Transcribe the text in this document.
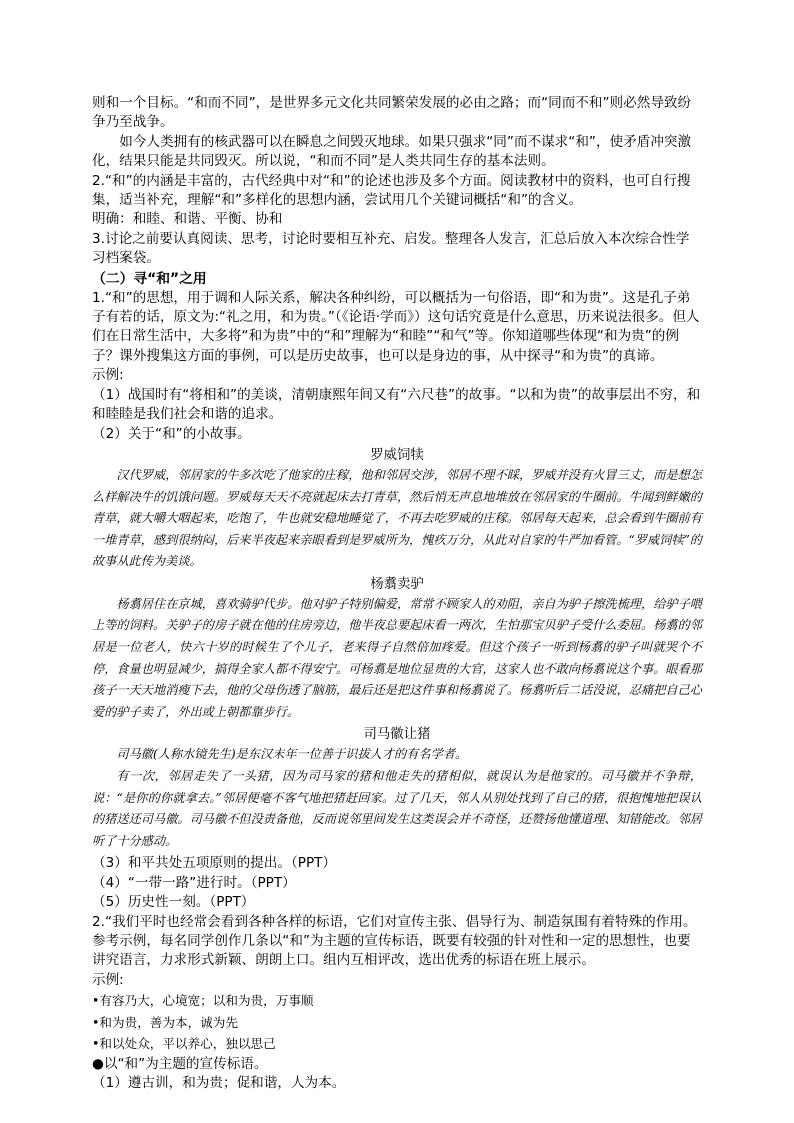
则和一个目标。“和而不同”，是世界多元文化共同繁荣发展的必由之路；而“同而不和”则必然导致纷争乃至战争。

如今人类拥有的核武器可以在瞬息之间毁灭地球。如果只强求“同”而不谋求“和”，使矛盾冲突激化，结果只能是共同毁灭。所以说，“和而不同”是人类共同生存的基本法则。

2.“和”的内涵是丰富的，古代经典中对“和”的论述也涉及多个方面。阅读教材中的资料，也可自行搜集，适当补充，理解“和”多样化的思想内涵，尝试用几个关键词概括“和”的含义。

明确：和睦、和谐、平衡、协和

3.讨论之前要认真阅读、思考，讨论时要相互补充、启发。整理各人发言，汇总后放入本次综合性学习档案袋。

（二）寻“和”之用

1.“和”的思想，用于调和人际关系，解决各种纠纷，可以概括为一句俗语，即“和为贵”。这是孔子弟子有若的话，原文为:“礼之用，和为贵。”（《论语·学而》）这句话究竟是什么意思，历来说法很多。但人们在日常生活中，大多将“和为贵”中的“和”理解为“和睦”“和气”等。你知道哪些体现“和为贵”的例子？课外搜集这方面的事例，可以是历史故事，也可以是身边的事，从中探寻“和为贵”的真谛。

示例:

（1）战国时有“将相和”的美谈，清朝康熙年间又有“六尺巷”的故事。“以和为贵”的故事层出不穷，和和睦睦是我们社会和谐的追求。

（2）关于“和”的小故事。

罗威饲犊

汉代罗威，邻居家的牛多次吃了他家的庄稼，他和邻居交涉，邻居不理不睬，罗威并没有火冒三丈，而是想怎么样解决牛的饥饿问题。罗威每天天不亮就起床去打青草，然后悄无声息地堆放在邻居家的牛圈前。牛闻到鲜嫩的青草，就大嚼大咽起来，吃饱了，牛也就安稳地睡觉了，不再去吃罗威的庄稼。邻居每天起来，总会看到牛圈前有一堆青草，感到很纳闷，后来半夜起来亲眼看到是罗威所为，愧疚万分，从此对自家的牛严加看管。“罗威饲犊”的故事从此传为美谈。

杨翥卖驴

杨翥居住在京城，喜欢骑驴代步。他对驴子特别偏爱，常常不顾家人的劝阻，亲自为驴子擦洗梳理，给驴子喂上等的饲料。关驴子的房子就在他的住房旁边，他半夜总要起床看一两次，生怕那宝贝驴子受什么委屈。杨翥的邻居是一位老人，快六十岁的时候生了个儿子，老来得子自然倍加疼爱。但这个孩子一听到杨翥的驴子叫就哭个不停，食量也明显减少，搞得全家人都不得安宁。可杨翥是地位显贵的大官，这家人也不敢向杨翥说这个事。眼看那孩子一天天地消瘦下去，他的父母伤透了脑筋，最后还是把这件事和杨翥说了。杨翥听后二话没说，忍痛把自己心爱的驴子卖了，外出或上朝都靠步行。

司马徽让猪

司马徽(人称水镜先生)是东汉末年一位善于识拔人才的有名学者。

有一次，邻居走失了一头猪，因为司马家的猪和他走失的猪相似，就误认为是他家的。司马徽并不争辩，说：“是你的你就拿去。”邻居便毫不客气地把猪赶回家。过了几天，邻人从别处找到了自己的猪，很抱愧地把误认的猪送还司马徽。司马徽不但没责备他，反而说邻里间发生这类误会并不奇怪，还赞扬他懂道理、知错能改。邻居听了十分感动。

（3）和平共处五项原则的提出。（PPT）

（4）“一带一路”进行时。（PPT）

（5）历史性一刻。（PPT）

2.“我们平时也经常会看到各种各样的标语，它们对宣传主张、倡导行为、制造氛围有着特殊的作用。参考示例，每名同学创作几条以“和”为主题的宣传标语，既要有较强的针对性和一定的思想性，也要讲究语言，力求形式新颖、朗朗上口。组内互相评改，选出优秀的标语在班上展示。

示例:

•有容乃大，心境宽；以和为贵，万事顺

•和为贵，善为本，诚为先

•和以处众，平以养心，独以思己

●以“和”为主题的宣传标语。

（1）遵古训，和为贵；促和谐，人为本。
